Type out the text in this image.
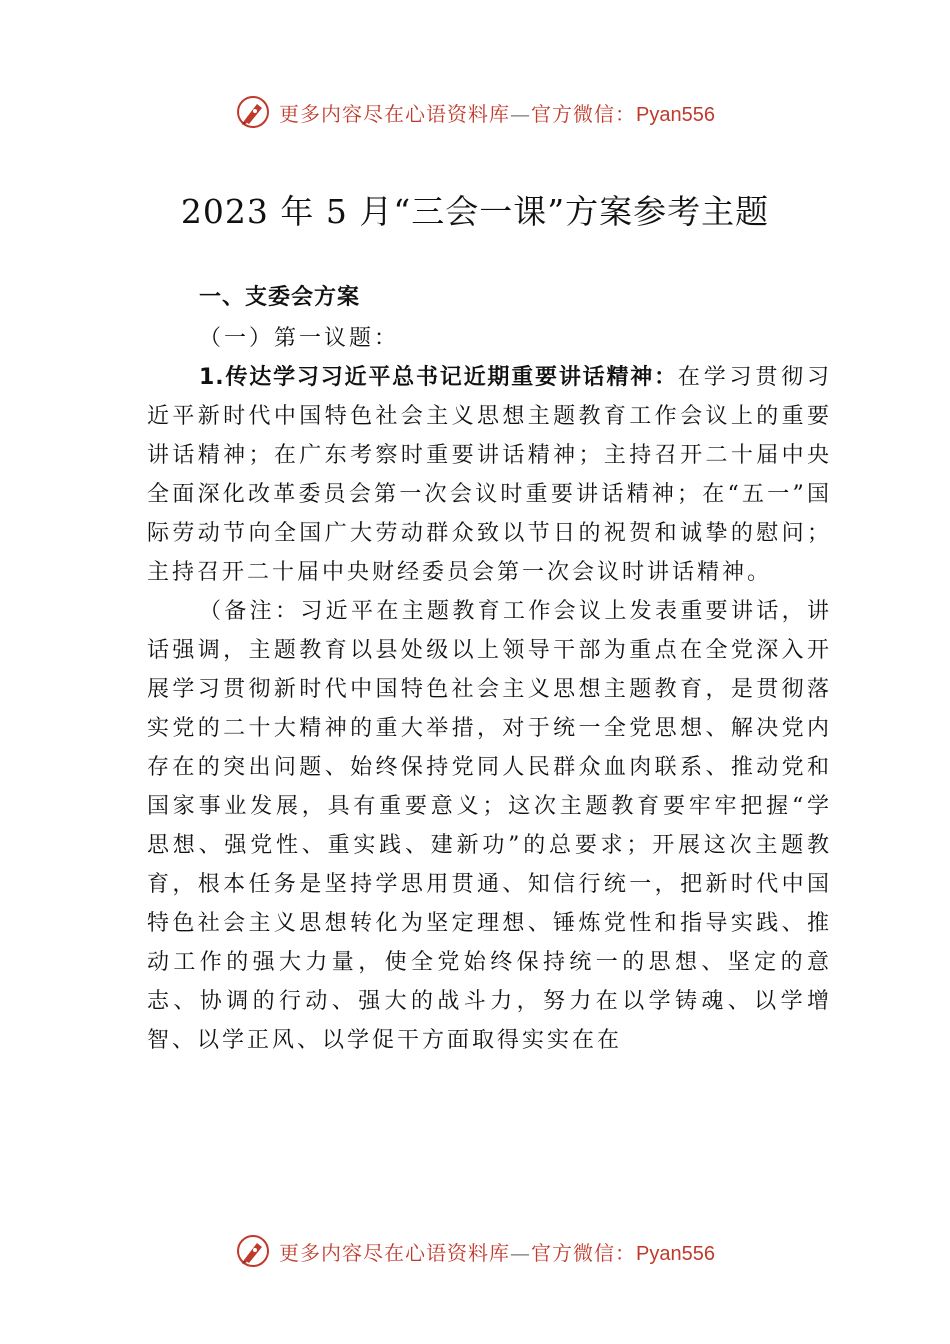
更多内容尽在心语资料库—官方微信：Pyan556
2023 年 5 月“三会一课”方案参考主题

一、支委会方案

（一）第一议题：

1.传达学习习近平总书记近期重要讲话精神：在学习贯彻习近平新时代中国特色社会主义思想主题教育工作会议上的重要讲话精神；在广东考察时重要讲话精神；主持召开二十届中央全面深化改革委员会第一次会议时重要讲话精神；在“五一”国际劳动节向全国广大劳动群众致以节日的祝贺和诚挚的慰问；主持召开二十届中央财经委员会第一次会议时讲话精神。

（备注：习近平在主题教育工作会议上发表重要讲话，讲话强调，主题教育以县处级以上领导干部为重点在全党深入开展学习贯彻新时代中国特色社会主义思想主题教育，是贯彻落实党的二十大精神的重大举措，对于统一全党思想、解决党内存在的突出问题、始终保持党同人民群众血肉联系、推动党和国家事业发展，具有重要意义；这次主题教育要牢牢把握“学思想、强党性、重实践、建新功”的总要求；开展这次主题教育，根本任务是坚持学思用贯通、知信行统一，把新时代中国特色社会主义思想转化为坚定理想、锤炼党性和指导实践、推动工作的强大力量，使全党始终保持统一的思想、坚定的意志、协调的行动、强大的战斗力，努力在以学铸魂、以学增智、以学正风、以学促干方面取得实实在在

更多内容尽在心语资料库—官方微信：Pyan556
